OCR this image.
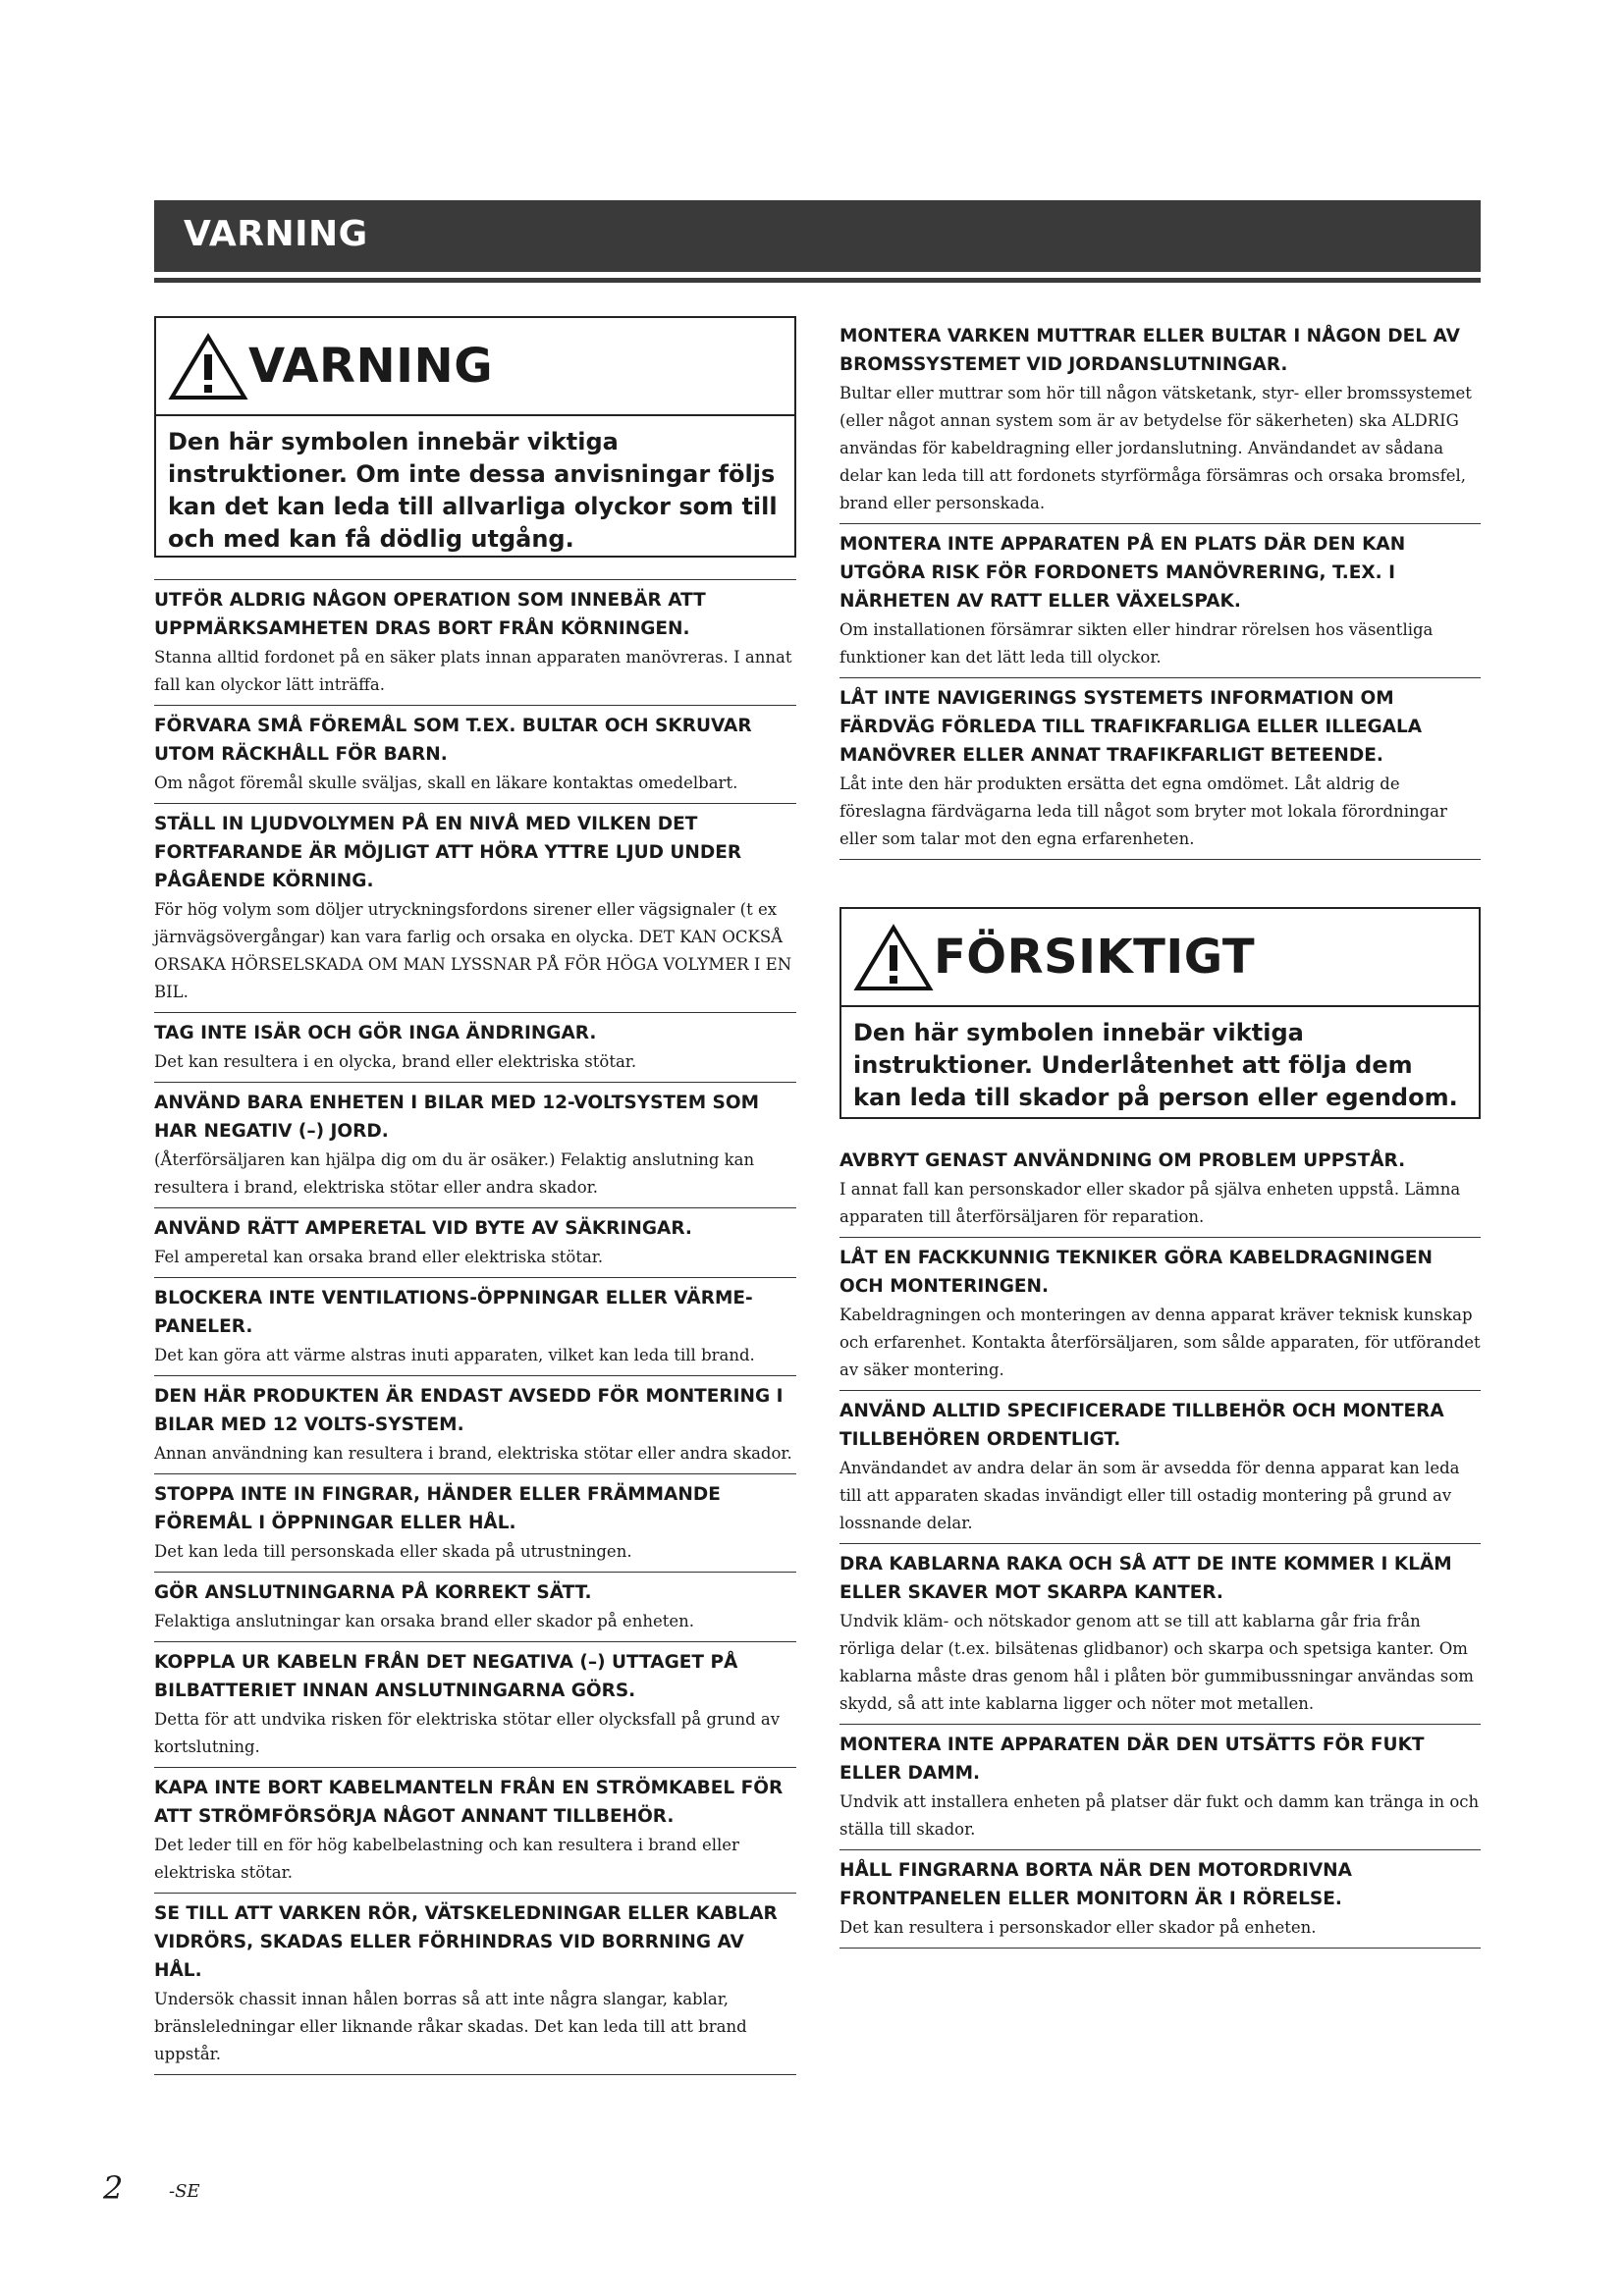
VARNING
VARNING
Den här symbolen innebär viktiga instruktioner. Om inte dessa anvisningar följs kan det kan leda till allvarliga olyckor som till och med kan få dödlig utgång.
UTFÖR ALDRIG NÅGON OPERATION SOM INNEBÄR ATT UPPMÄRKSAMHETEN DRAS BORT FRÅN KÖRNINGEN.

Stanna alltid fordonet på en säker plats innan apparaten manövreras. I annat fall kan olyckor lätt inträffa.

FÖRVARA SMÅ FÖREMÅL SOM T.EX. BULTAR OCH SKRUVAR UTOM RÄCKHÅLL FÖR BARN.

Om något föremål skulle sväljas, skall en läkare kontaktas omedelbart.

STÄLL IN LJUDVOLYMEN PÅ EN NIVÅ MED VILKEN DET FORTFARANDE ÄR MÖJLIGT ATT HÖRA YTTRE LJUD UNDER PÅGÅENDE KÖRNING.

För hög volym som döljer utryckningsfordons sirener eller vägsignaler (t ex järnvägsövergångar) kan vara farlig och orsaka en olycka. DET KAN OCKSÅ ORSAKA HÖRSELSKADA OM MAN LYSSNAR PÅ FÖR HÖGA VOLYMER I EN BIL.

TAG INTE ISÄR OCH GÖR INGA ÄNDRINGAR.

Det kan resultera i en olycka, brand eller elektriska stötar.

ANVÄND BARA ENHETEN I BILAR MED 12-VOLTSYSTEM SOM HAR NEGATIV (–) JORD.

(Återförsäljaren kan hjälpa dig om du är osäker.) Felaktig anslutning kan resultera i brand, elektriska stötar eller andra skador.

ANVÄND RÄTT AMPERETAL VID BYTE AV SÄKRINGAR.

Fel amperetal kan orsaka brand eller elektriska stötar.

BLOCKERA INTE VENTILATIONS-ÖPPNINGAR ELLER VÄRME-PANELER.

Det kan göra att värme alstras inuti apparaten, vilket kan leda till brand.

DEN HÄR PRODUKTEN ÄR ENDAST AVSEDD FÖR MONTERING I BILAR MED 12 VOLTS-SYSTEM.

Annan användning kan resultera i brand, elektriska stötar eller andra skador.

STOPPA INTE IN FINGRAR, HÄNDER ELLER FRÄMMANDE FÖREMÅL I ÖPPNINGAR ELLER HÅL.

Det kan leda till personskada eller skada på utrustningen.

GÖR ANSLUTNINGARNA PÅ KORREKT SÄTT.

Felaktiga anslutningar kan orsaka brand eller skador på enheten.

KOPPLA UR KABELN FRÅN DET NEGATIVA (–) UTTAGET PÅ BILBATTERIET INNAN ANSLUTNINGARNA GÖRS.

Detta för att undvika risken för elektriska stötar eller olycksfall på grund av kortslutning.

KAPA INTE BORT KABELMANTELN FRÅN EN STRÖMKABEL FÖR ATT STRÖMFÖRSÖRJA NÅGOT ANNANT TILLBEHÖR.

Det leder till en för hög kabelbelastning och kan resultera i brand eller elektriska stötar.

SE TILL ATT VARKEN RÖR, VÄTSKELEDNINGAR ELLER KABLAR VIDRÖRS, SKADAS ELLER FÖRHINDRAS VID BORRNING AV HÅL.

Undersök chassit innan hålen borras så att inte några slangar, kablar, bränsleledningar eller liknande råkar skadas. Det kan leda till att brand uppstår.

MONTERA VARKEN MUTTRAR ELLER BULTAR I NÅGON DEL AV BROMSSYSTEMET VID JORDANSLUTNINGAR.

Bultar eller muttrar som hör till någon vätsketank, styr- eller bromssystemet (eller något annan system som är av betydelse för säkerheten) ska ALDRIG användas för kabeldragning eller jordanslutning. Användandet av sådana delar kan leda till att fordonets styrförmåga försämras och orsaka bromsfel, brand eller personskada.

MONTERA INTE APPARATEN PÅ EN PLATS DÄR DEN KAN UTGÖRA RISK FÖR FORDONETS MANÖVRERING, T.EX. I NÄRHETEN AV RATT ELLER VÄXELSPAK.

Om installationen försämrar sikten eller hindrar rörelsen hos väsentliga funktioner kan det lätt leda till olyckor.

LÅT INTE NAVIGERINGS SYSTEMETS INFORMATION OM FÄRDVÄG FÖRLEDA TILL TRAFIKFARLIGA ELLER ILLEGALA MANÖVRER ELLER ANNAT TRAFIKFARLIGT BETEENDE.

Låt inte den här produkten ersätta det egna omdömet. Låt aldrig de föreslagna färdvägarna leda till något som bryter mot lokala förordningar eller som talar mot den egna erfarenheten.

FÖRSIKTIGT
Den här symbolen innebär viktiga instruktioner. Underlåtenhet att följa dem kan leda till skador på person eller egendom.
AVBRYT GENAST ANVÄNDNING OM PROBLEM UPPSTÅR.

I annat fall kan personskador eller skador på själva enheten uppstå. Lämna apparaten till återförsäljaren för reparation.

LÅT EN FACKKUNNIG TEKNIKER GÖRA KABELDRAGNINGEN OCH MONTERINGEN.

Kabeldragningen och monteringen av denna apparat kräver teknisk kunskap och erfarenhet. Kontakta återförsäljaren, som sålde apparaten, för utförandet av säker montering.

ANVÄND ALLTID SPECIFICERADE TILLBEHÖR OCH MONTERA TILLBEHÖREN ORDENTLIGT.

Användandet av andra delar än som är avsedda för denna apparat kan leda till att apparaten skadas invändigt eller till ostadig montering på grund av lossnande delar.

DRA KABLARNA RAKA OCH SÅ ATT DE INTE KOMMER I KLÄM ELLER SKAVER MOT SKARPA KANTER.

Undvik kläm- och nötskador genom att se till att kablarna går fria från rörliga delar (t.ex. bilsätenas glidbanor) och skarpa och spetsiga kanter. Om kablarna måste dras genom hål i plåten bör gummibussningar användas som skydd, så att inte kablarna ligger och nöter mot metallen.

MONTERA INTE APPARATEN DÄR DEN UTSÄTTS FÖR FUKT ELLER DAMM.

Undvik att installera enheten på platser där fukt och damm kan tränga in och ställa till skador.

HÅLL FINGRARNA BORTA NÄR DEN MOTORDRIVNA FRONTPANELEN ELLER MONITORN ÄR I RÖRELSE.

Det kan resultera i personskador eller skador på enheten.

2	-SE
